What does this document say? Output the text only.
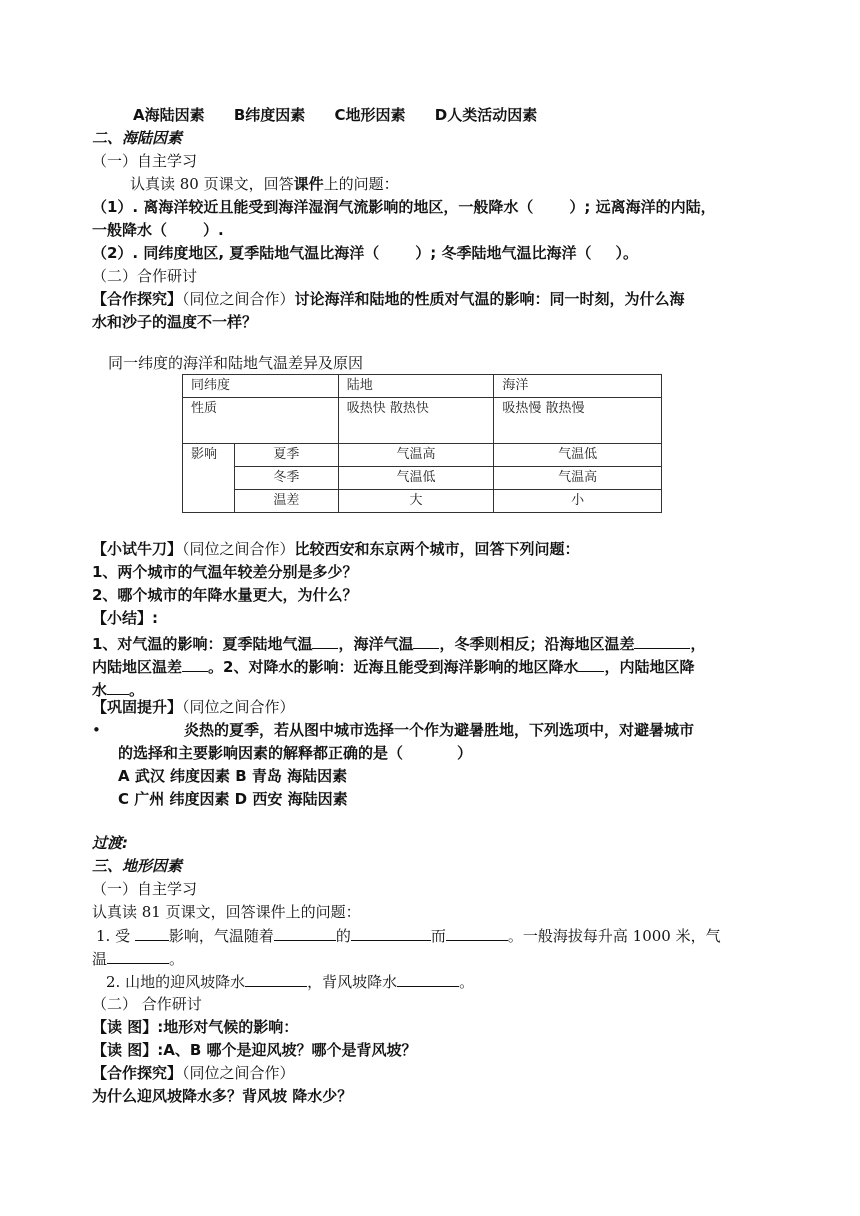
A海陆因素 B纬度因素 C地形因素 D人类活动因素
二、海陆因素
（一）自主学习
认真读 80 页课文，回答课件上的问题：
（1）. 离海洋较近且能受到海洋湿润气流影响的地区，一般降水（ ）; 远离海洋的内陆，
一般降水（ ）.
（2）. 同纬度地区, 夏季陆地气温比海洋（ ）; 冬季陆地气温比海洋（ ）。
（二）合作研讨
【合作探究】（同位之间合作）讨论海洋和陆地的性质对气温的影响：同一时刻，为什么海
水和沙子的温度不一样？
同一纬度的海洋和陆地气温差异及原因
同纬度		陆地	海洋
性质		吸热快 散热快	吸热慢 散热慢
影响	夏季	气温高	气温低
	冬季	气温低	气温高
	温差	大	小
【小试牛刀】（同位之间合作）比较西安和东京两个城市，回答下列问题：
1、两个城市的气温年较差分别是多少？
2、哪个城市的年降水量更大，为什么？
【小结】:
1、对气温的影响：夏季陆地气温 ，海洋气温 ，冬季则相反；沿海地区温差	，
内陆地区温差 。2、对降水的影响：近海且能受到海洋影响的地区降水 ，内陆地区降
水 。
【巩固提升】（同位之间合作）
•	炎热的夏季，若从图中城市选择一个作为避暑胜地，下列选项中，对避暑城市
的选择和主要影响因素的解释都正确的是（	）
A 武汉 纬度因素 B 青岛 海陆因素
C 广州 纬度因素 D 西安 海陆因素
过渡:
三、地形因素
（一）自主学习
认真读 81 页课文，回答课件上的问题：
1. 受 影响，气温随着	的	而	。一般海拔每升高 1000 米，气
温	。
2. 山地的迎风坡降水	，背风坡降水	。
（二） 合作研讨
【读 图】:地形对气候的影响：
【读 图】:A、B 哪个是迎风坡？哪个是背风坡？
【合作探究】（同位之间合作）
为什么迎风坡降水多？背风坡 降水少？
